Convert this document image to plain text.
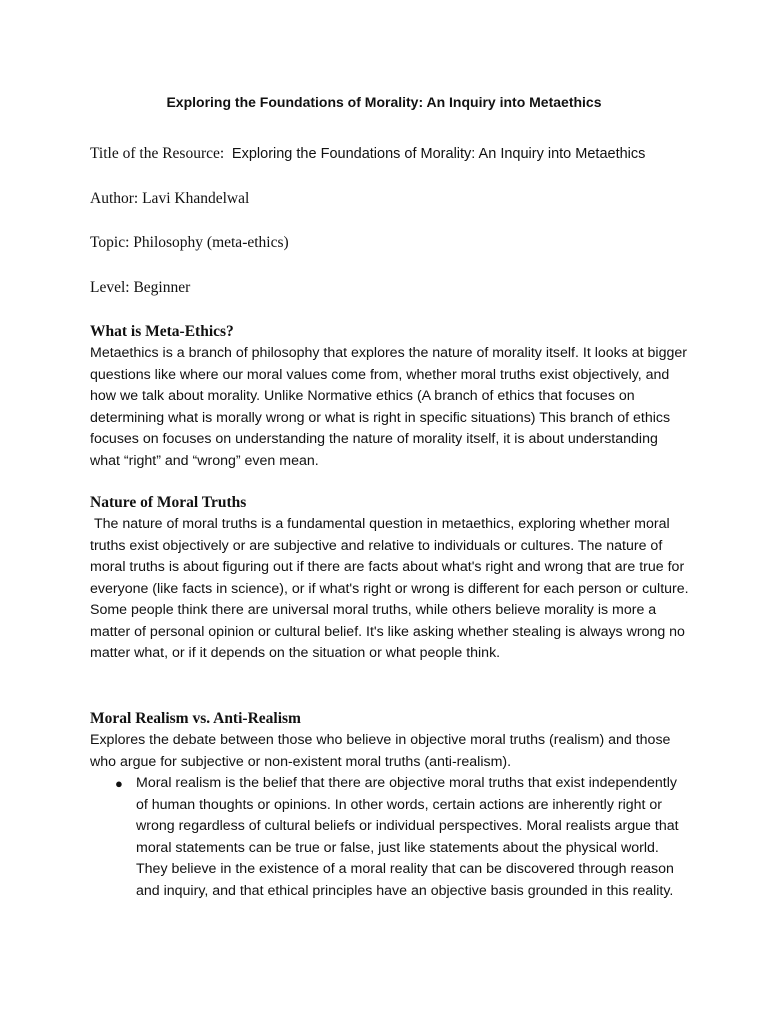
Exploring the Foundations of Morality: An Inquiry into Metaethics
Title of the Resource: Exploring the Foundations of Morality: An Inquiry into Metaethics
Author: Lavi Khandelwal
Topic: Philosophy (meta-ethics)
Level: Beginner
What is Meta-Ethics?

Metaethics is a branch of philosophy that explores the nature of morality itself. It looks at bigger questions like where our moral values come from, whether moral truths exist objectively, and how we talk about morality. Unlike Normative ethics (A branch of ethics that focuses on determining what is morally wrong or what is right in specific situations) This branch of ethics focuses on focuses on understanding the nature of morality itself, it is about understanding what “right” and “wrong” even mean.

Nature of Moral Truths

The nature of moral truths is a fundamental question in metaethics, exploring whether moral truths exist objectively or are subjective and relative to individuals or cultures. The nature of moral truths is about figuring out if there are facts about what's right and wrong that are true for everyone (like facts in science), or if what's right or wrong is different for each person or culture. Some people think there are universal moral truths, while others believe morality is more a matter of personal opinion or cultural belief. It's like asking whether stealing is always wrong no matter what, or if it depends on the situation or what people think.

Moral Realism vs. Anti-Realism

Explores the debate between those who believe in objective moral truths (realism) and those who argue for subjective or non-existent moral truths (anti-realism).

● Moral realism is the belief that there are objective moral truths that exist independently of human thoughts or opinions. In other words, certain actions are inherently right or wrong regardless of cultural beliefs or individual perspectives. Moral realists argue that moral statements can be true or false, just like statements about the physical world. They believe in the existence of a moral reality that can be discovered through reason and inquiry, and that ethical principles have an objective basis grounded in this reality.
